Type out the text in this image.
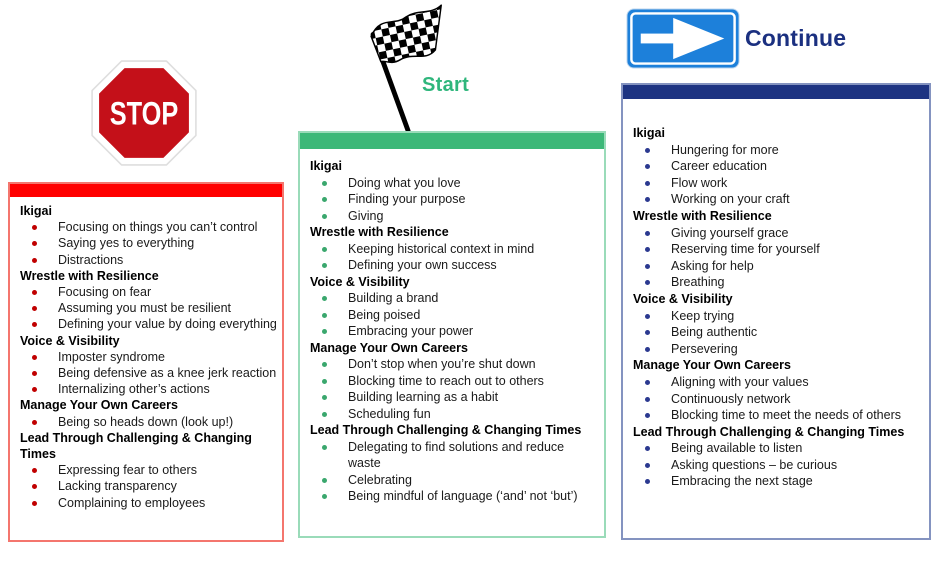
STOP
Start
Continue
Ikigai
Focusing on things you can’t control
Saying yes to everything
Distractions
Wrestle with Resilience
Focusing on fear
Assuming you must be resilient
Defining your value by doing everything
Voice & Visibility
Imposter syndrome
Being defensive as a knee jerk reaction
Internalizing other’s actions
Manage Your Own Careers
Being so heads down (look up!)
Lead Through Challenging & Changing Times
Expressing fear to others
Lacking transparency
Complaining to employees
Ikigai
Doing what you love
Finding your purpose
Giving
Wrestle with Resilience
Keeping historical context in mind
Defining your own success
Voice & Visibility
Building a brand
Being poised
Embracing your power
Manage Your Own Careers
Don’t stop when you’re shut down
Blocking time to reach out to others
Building learning as a habit
Scheduling fun
Lead Through Challenging & Changing Times
Delegating to find solutions and reduce waste
Celebrating
Being mindful of language (‘and’ not ‘but’)
Ikigai
Hungering for more
Career education
Flow work
Working on your craft
Wrestle with Resilience
Giving yourself grace
Reserving time for yourself
Asking for help
Breathing
Voice & Visibility
Keep trying
Being authentic
Persevering
Manage Your Own Careers
Aligning with your values
Continuously network
Blocking time to meet the needs of others
Lead Through Challenging & Changing Times
Being available to listen
Asking questions – be curious
Embracing the next stage
